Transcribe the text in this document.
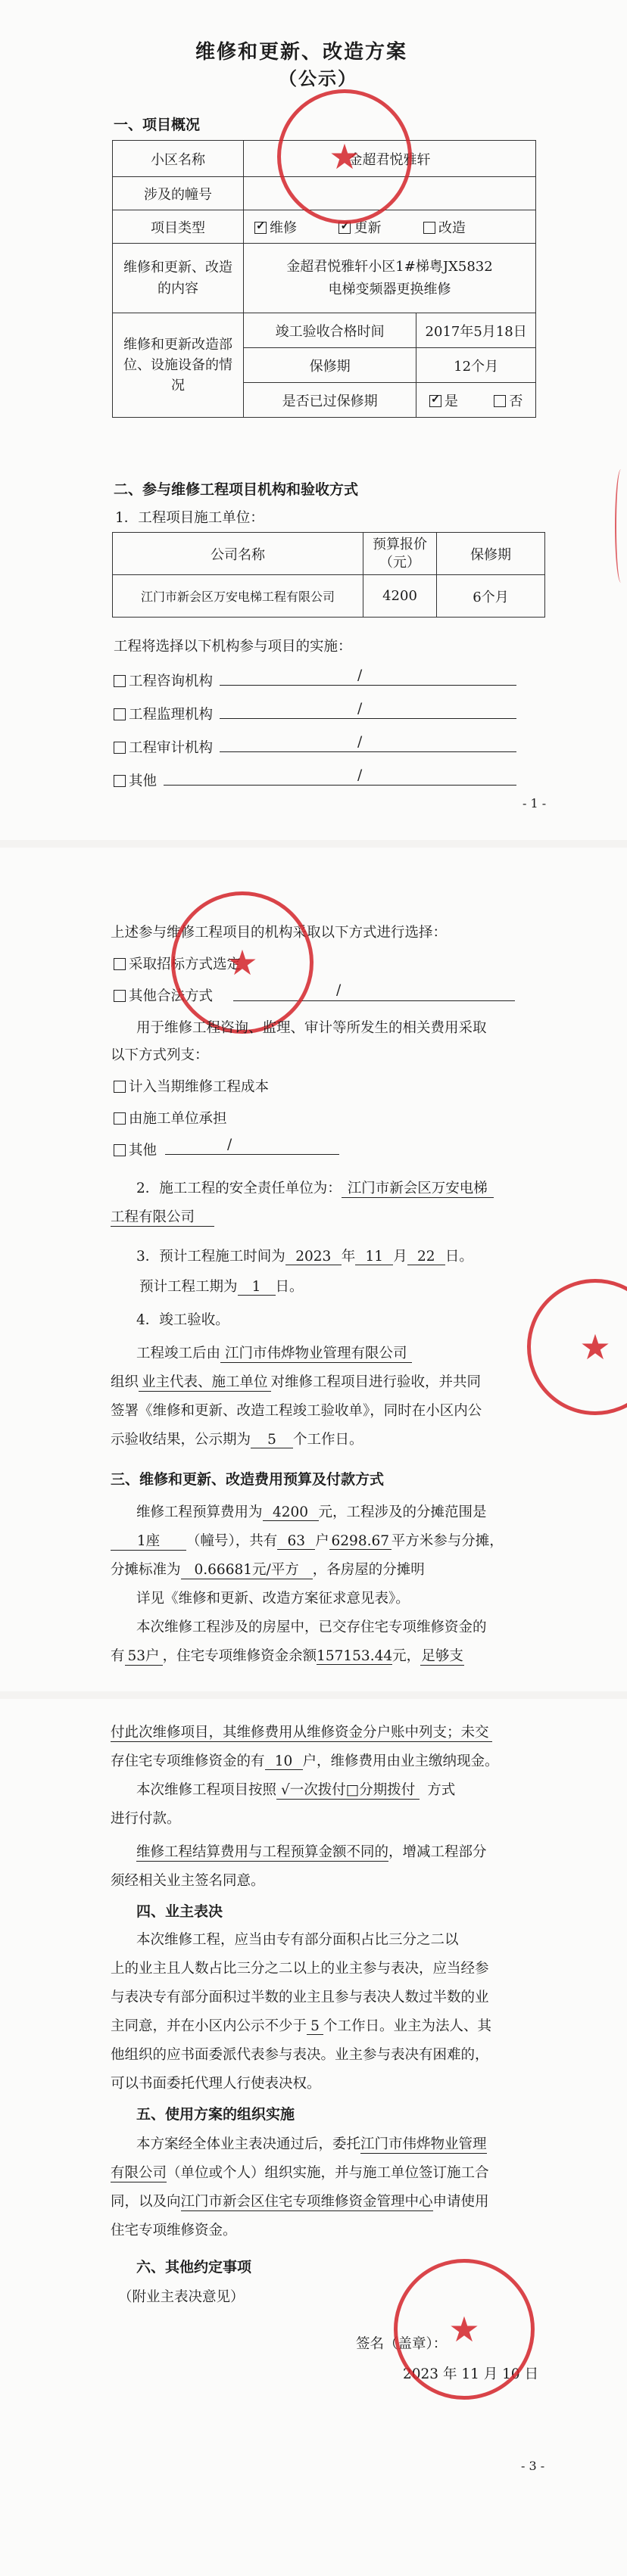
维修和更新、改造方案
（公示）
一、项目概况
小区名称	金超君悦雅轩	
涉及的幢号		
项目类型	✓维修 ✓ 更新 改造
维修和更新、改造的内容	金超君悦雅轩小区1#梯粤JX5832
电梯变频器更换维修	

维修和更新改造部位、设施设备的情况	竣工验收合格时间	2017年5月18日
	保修期	12个月
	是否已过保修期	✓是 否
★
二、参与维修工程项目机构和验收方式
1．工程项目施工单位：
公司名称	预算报价（元）	保修期
江门市新会区万安电梯工程有限公司	4200	6个月
工程将选择以下机构参与项目的实施：
工程咨询机构	/
工程监理机构	/
工程审计机构	/
其他	/
- 1 -
上述参与维修工程项目的机构采取以下方式进行选择：
采取招标方式选定
其他合法方式	/
★
用于维修工程咨询、监理、审计等所发生的相关费用采取
以下方式列支：
计入当期维修工程成本
由施工单位承担
其他	/
2．施工工程的安全责任单位为： 江门市新会区万安电梯
工程有限公司
3．预计工程施工时间为 2023 年 11 月 22 日。
预计工程工期为 1 日。
4．竣工验收。
工程竣工后由 江门市伟烨物业管理有限公司
组织 业主代表、施工单位 对维修工程项目进行验收，并共同
签署《维修和更新、改造工程竣工验收单》，同时在小区内公
示验收结果，公示期为 5 个工作日。
★
三、维修和更新、改造费用预算及付款方式
维修工程预算费用为 4200 元，工程涉及的分摊范围是
1座 （幢号），共有 63 户 6298.67 平方米参与分摊，
分摊标准为 0.66681元/平方 ，各房屋的分摊明
详见《维修和更新、改造方案征求意见表》。
本次维修工程涉及的房屋中，已交存住宅专项维修资金的
有 53户 ，住宅专项维修资金余额157153.44元，足够支
付此次维修项目，其维修费用从维修资金分户账中列支；未交
存住宅专项维修资金的有 10 户，维修费用由业主缴纳现金。
本次维修工程项目按照 √一次拨付□分期拨付 方式
进行付款。
维修工程结算费用与工程预算金额不同的，增减工程部分
须经相关业主签名同意。
四、业主表决
本次维修工程，应当由专有部分面积占比三分之二以
上的业主且人数占比三分之二以上的业主参与表决，应当经参
与表决专有部分面积过半数的业主且参与表决人数过半数的业
主同意，并在小区内公示不少于 5 个工作日。业主为法人、其
他组织的应书面委派代表参与表决。业主参与表决有困难的，
可以书面委托代理人行使表决权。
五、使用方案的组织实施
本方案经全体业主表决通过后，委托江门市伟烨物业管理
有限公司（单位或个人）组织实施，并与施工单位签订施工合
同，以及向江门市新会区住宅专项维修资金管理中心申请使用
住宅专项维修资金。
六、其他约定事项
（附业主表决意见）
签名（盖章）：
2023 年 11 月 10 日
★
- 3 -
